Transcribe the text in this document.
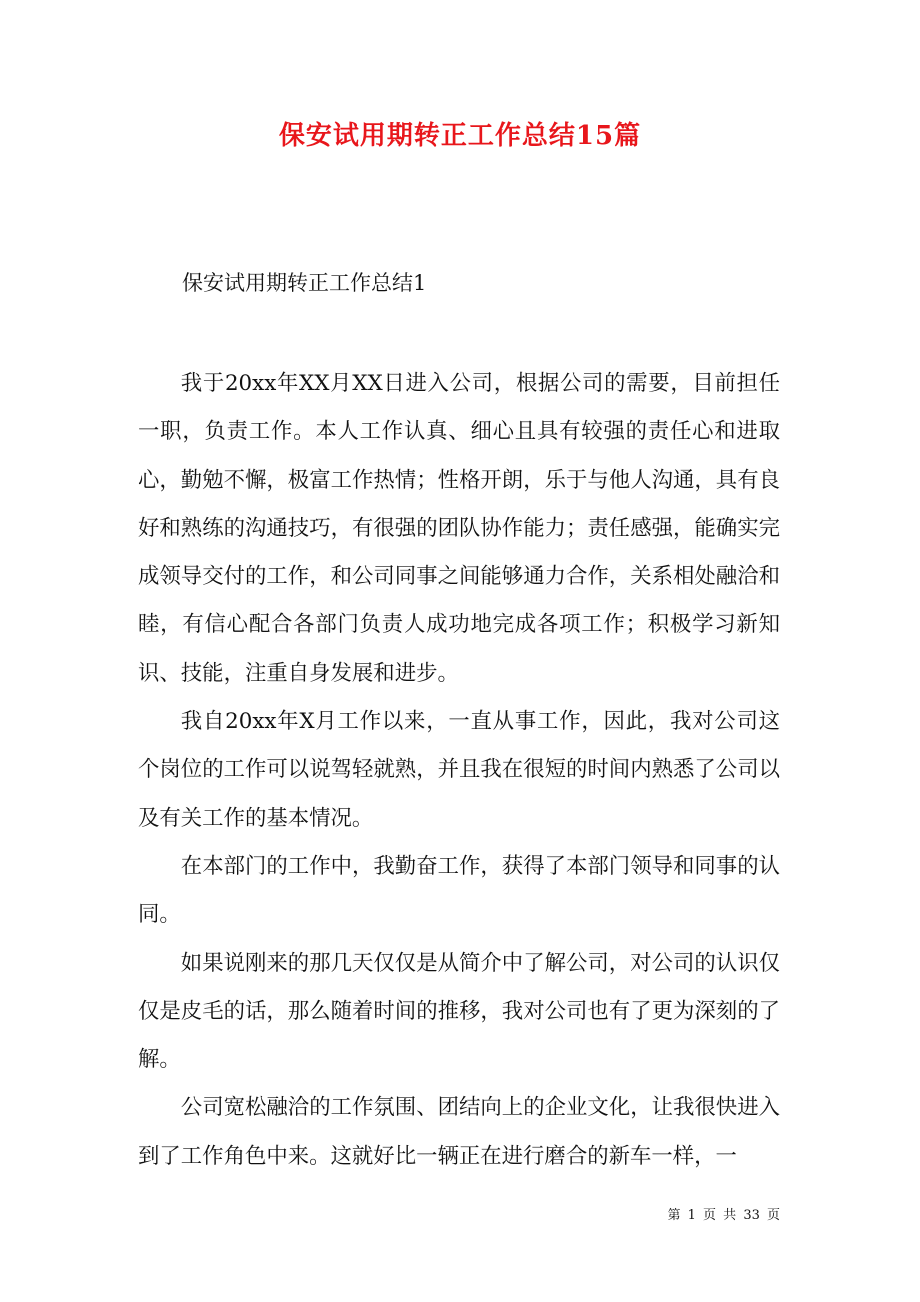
保安试用期转正工作总结15篇
保安试用期转正工作总结1

我于20xx年XX月XX日进入公司，根据公司的需要，目前担任一职，负责工作。本人工作认真、细心且具有较强的责任心和进取心，勤勉不懈，极富工作热情；性格开朗，乐于与他人沟通，具有良好和熟练的沟通技巧，有很强的团队协作能力；责任感强，能确实完成领导交付的工作，和公司同事之间能够通力合作，关系相处融洽和睦，有信心配合各部门负责人成功地完成各项工作；积极学习新知识、技能，注重自身发展和进步。

我自20xx年X月工作以来，一直从事工作，因此，我对公司这个岗位的工作可以说驾轻就熟，并且我在很短的时间内熟悉了公司以及有关工作的基本情况。

在本部门的工作中，我勤奋工作，获得了本部门领导和同事的认同。

如果说刚来的那几天仅仅是从简介中了解公司，对公司的认识仅仅是皮毛的话，那么随着时间的推移，我对公司也有了更为深刻的了解。

公司宽松融洽的工作氛围、团结向上的企业文化，让我很快进入到了工作角色中来。这就好比一辆正在进行磨合的新车一样，一

第 1 页 共 33 页
